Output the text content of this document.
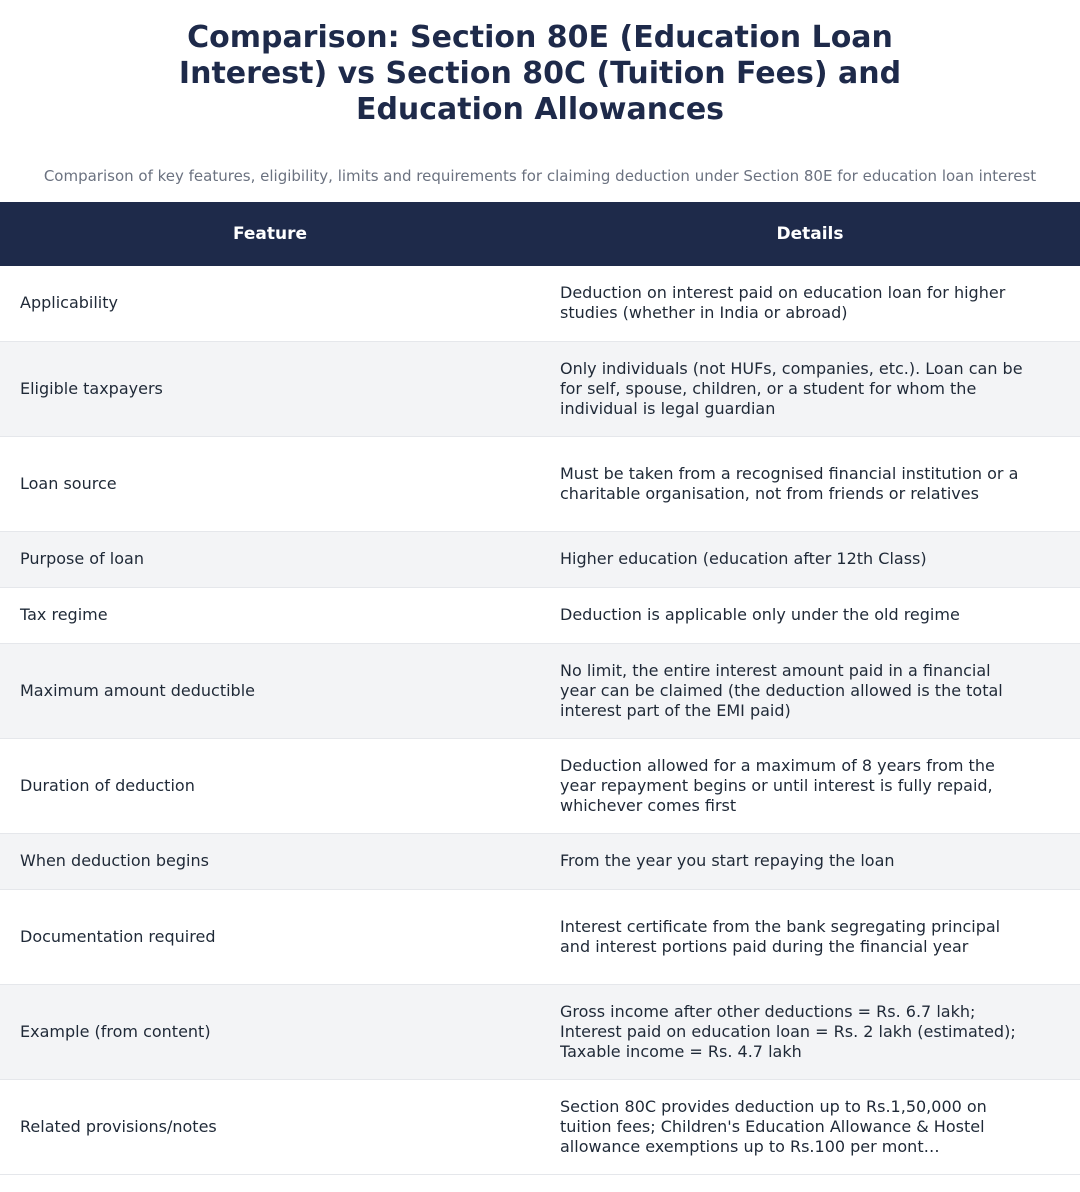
Comparison: Section 80E (Education Loan Interest) vs Section 80C (Tuition Fees) and Education Allowances

Comparison of key features, eligibility, limits and requirements for claiming deduction under Section 80E for education loan interest

Feature	Details
Applicability	Deduction on interest paid on education loan for higher studies (whether in India or abroad)

Eligible taxpayers	Only individuals (not HUFs, companies, etc.). Loan can be for self, spouse, children, or a student for whom the individual is legal guardian

Loan source	Must be taken from a recognised financial institution or a charitable organisation, not from friends or relatives

Purpose of loan	Higher education (education after 12th Class)

Tax regime	Deduction is applicable only under the old regime

Maximum amount deductible	No limit, the entire interest amount paid in a financial year can be claimed (the deduction allowed is the total interest part of the EMI paid)

Duration of deduction	Deduction allowed for a maximum of 8 years from the year repayment begins or until interest is fully repaid, whichever comes first

When deduction begins	From the year you start repaying the loan

Documentation required	Interest certificate from the bank segregating principal and interest portions paid during the financial year

Example (from content)	Gross income after other deductions = Rs. 6.7 lakh; Interest paid on education loan = Rs. 2 lakh (estimated); Taxable income = Rs. 4.7 lakh

Related provisions/notes	Section 80C provides deduction up to Rs.1,50,000 on tuition fees; Children's Education Allowance & Hostel allowance exemptions up to Rs.100 per mont…
